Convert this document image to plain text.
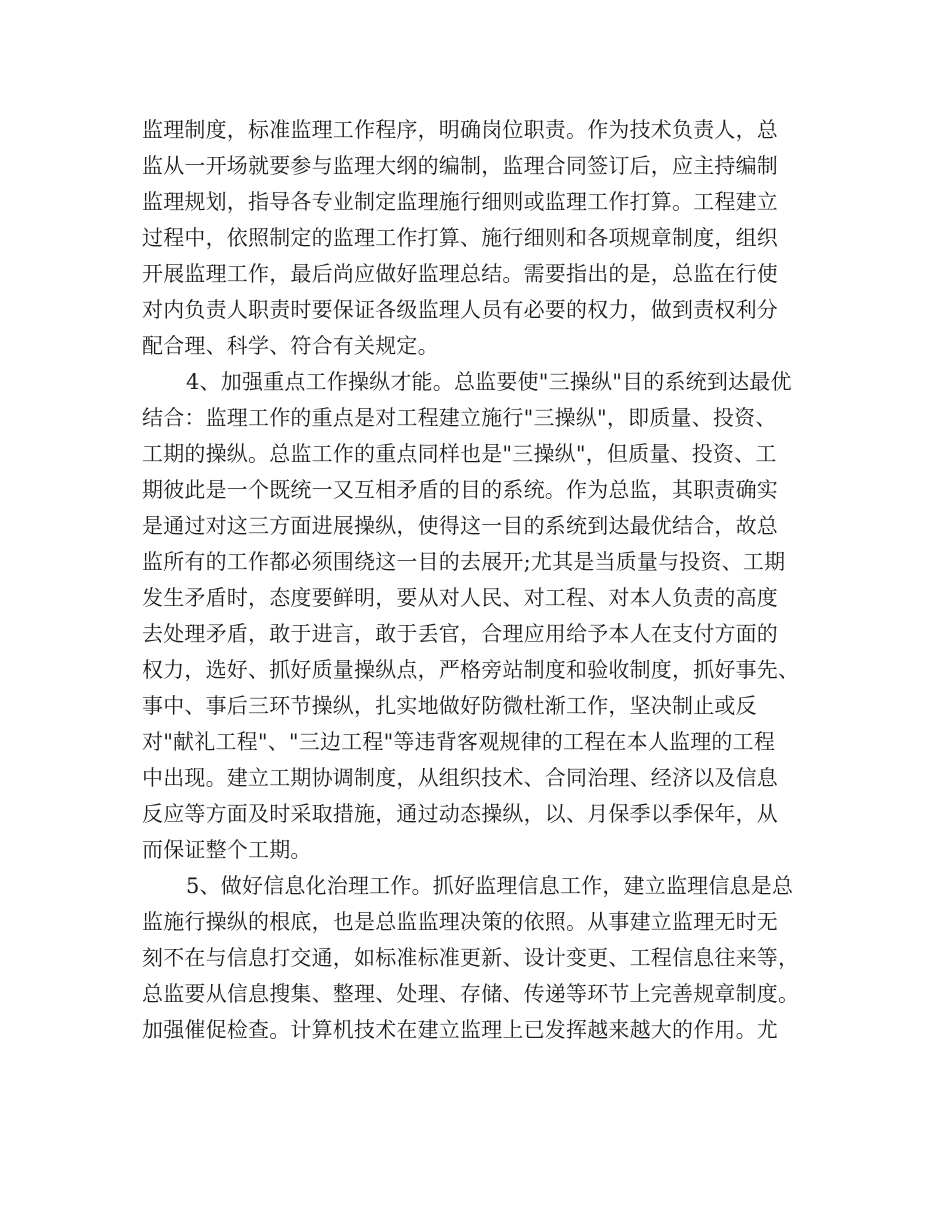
监理制度，标准监理工作程序，明确岗位职责。作为技术负责人，总
监从一开场就要参与监理大纲的编制，监理合同签订后，应主持编制
监理规划，指导各专业制定监理施行细则或监理工作打算。工程建立
过程中，依照制定的监理工作打算、施行细则和各项规章制度，组织
开展监理工作，最后尚应做好监理总结。需要指出的是，总监在行使
对内负责人职责时要保证各级监理人员有必要的权力，做到责权利分
配合理、科学、符合有关规定。
4、加强重点工作操纵才能。总监要使"三操纵"目的系统到达最优
结合：监理工作的重点是对工程建立施行"三操纵"，即质量、投资、
工期的操纵。总监工作的重点同样也是"三操纵"，但质量、投资、工
期彼此是一个既统一又互相矛盾的目的系统。作为总监，其职责确实
是通过对这三方面进展操纵，使得这一目的系统到达最优结合，故总
监所有的工作都必须围绕这一目的去展开;尤其是当质量与投资、工期
发生矛盾时，态度要鲜明，要从对人民、对工程、对本人负责的高度
去处理矛盾，敢于进言，敢于丢官，合理应用给予本人在支付方面的
权力，选好、抓好质量操纵点，严格旁站制度和验收制度，抓好事先、
事中、事后三环节操纵，扎实地做好防微杜渐工作，坚决制止或反
对"献礼工程"、"三边工程"等违背客观规律的工程在本人监理的工程
中出现。建立工期协调制度，从组织技术、合同治理、经济以及信息
反应等方面及时采取措施，通过动态操纵，以、月保季以季保年，从
而保证整个工期。
5、做好信息化治理工作。抓好监理信息工作，建立监理信息是总
监施行操纵的根底，也是总监监理决策的依照。从事建立监理无时无
刻不在与信息打交通，如标准标准更新、设计变更、工程信息往来等，
总监要从信息搜集、整理、处理、存储、传递等环节上完善规章制度。
加强催促检查。计算机技术在建立监理上已发挥越来越大的作用。尤
